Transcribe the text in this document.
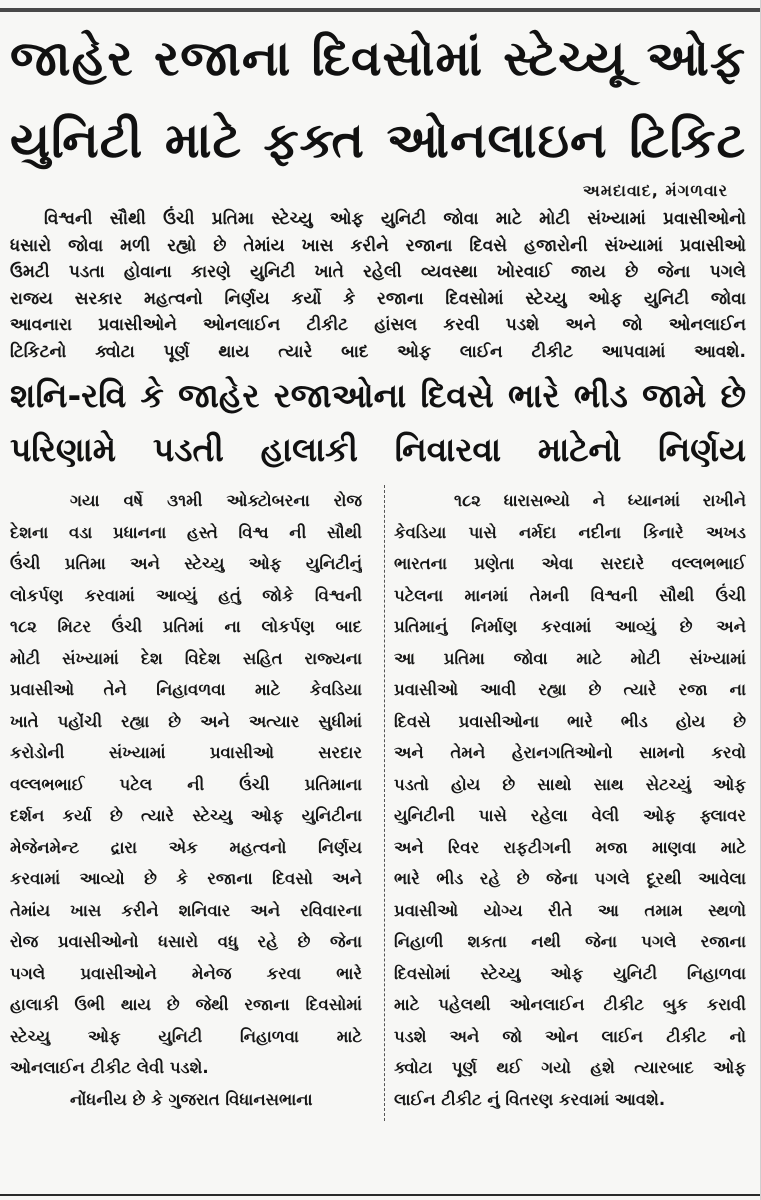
જાહેર રજાના દિવસોમાં સ્ટેચ્યૂ ઓફ
યુનિટી માટે ફક્ત ઓનલાઇન ટિકિટ
અમદાવાદ, મંગળવાર

વિશ્વની સૌથી ઉંચી પ્રતિમા સ્ટેચ્યુ ઓફ યુનિટી જોવા માટે મોટી સંખ્યામાં પ્રવાસીઓનો
ધસારો જોવા મળી રહ્યો છે તેમાંય ખાસ કરીને રજાના દિવસે હજારોની સંખ્યામાં પ્રવાસીઓ
ઉમટી પડતા હોવાના કારણે યુનિટી ખાતે રહેલી વ્યવસ્થા ખોરવાઈ જાય છે જેના પગલે
રાજય સરકાર મહત્વનો નિર્ણય કર્યો કે રજાના દિવસોમાં સ્ટેચ્યુ ઓફ યુનિટી જોવા
આવનારા પ્રવાસીઓને ઓનલાઈન ટીકીટ હાંસલ કરવી પડશે અને જો ઓનલાઈન
ટિકિટનો ક્વોટા પૂર્ણ થાય ત્યારે બાદ ઓફ લાઈન ટીકીટ આપવામાં આવશે.

શનિ-રવિ કે જાહેર રજાઓના દિવસે ભારે ભીડ જામે છે
પરિણામે પડતી હાલાકી નિવારવા માટેનો નિર્ણય
ગયા વર્ષે ૩૧મી ઓક્ટોબરના રોજ
દેશના વડા પ્રધાનના હસ્તે વિશ્વ ની સૌથી
ઉંચી પ્રતિમા અને સ્ટેચ્યુ ઓફ યુનિટીનું
લોકર્પણ કરવામાં આવ્યું હતું જોકે વિશ્વની
૧૮૨ મિટર ઉંચી પ્રતિમાં ના લોકર્પણ બાદ
મોટી સંખ્યામાં દેશ વિદેશ સહિત રાજ્યના
પ્રવાસીઓ તેને નિહાવળવા માટે કેવડિયા
ખાતે પહોંચી રહ્યા છે અને અત્યાર સુધીમાં
કરોડોની સંખ્યામાં પ્રવાસીઓ સરદાર
વલ્લભભાઈ પટેલ ની ઉંચી પ્રતિમાના
દર્શન કર્યા છે ત્યારે સ્ટેચ્યુ ઓફ યુનિટીના
મેજેનમેન્ટ દ્રારા એક મહત્વનો નિર્ણય
કરવામાં આવ્યો છે કે રજાના દિવસો અને
તેમાંય ખાસ કરીને શનિવાર અને રવિવારના
રોજ પ્રવાસીઓનો ધસારો વધુ રહે છે જેના
પગલે પ્રવાસીઓને મેનેજ કરવા ભારે
હાલાકી ઉભી થાય છે જેથી રજાના દિવસોમાં
સ્ટેચ્યુ ઓફ યુનિટી નિહાળવા માટે
ઓનલાઈન ટીકીટ લેવી પડશે.
નોંધનીય છે કે ગુજરાત વિધાનસભાના
૧૮૨ ધારાસભ્યો ને ધ્યાનમાં રાખીને
કેવડિયા પાસે નર્મદા નદીના કિનારે અખડ
ભારતના પ્રણેતા એવા સરદારે વલ્લભભાઈ
પટેલના માનમાં તેમની વિશ્વની સૌથી ઉંચી
પ્રતિમાનું નિર્માણ કરવામાં આવ્યું છે અને
આ પ્રતિમા જોવા માટે મોટી સંખ્યામાં
પ્રવાસીઓ આવી રહ્યા છે ત્યારે રજા ના
દિવસે પ્રવાસીઓના ભારે ભીડ હોય છે
અને તેમને હેરાનગતિઓનો સામનો કરવો
પડતો હોય છે સાથો સાથ સેટચ્યું ઓફ
યુનિટીની પાસે રહેલા વેલી ઓફ ફ્લાવર
અને રિવર રાફટીગની મજા માણવા માટે
ભારે ભીડ રહે છે જેના પગલે દૂરથી આવેલા
પ્રવાસીઓ યોગ્ય રીતે આ તમામ સ્થળો
નિહાળી શકતા નથી જેના પગલે રજાના
દિવસોમાં સ્ટેચ્યુ ઓફ યુનિટી નિહાળવા
માટે પહેલથી ઓનલાઈન ટીકીટ બુક કરાવી
પડશે અને જો ઓન લાઈન ટીકીટ નો
ક્વોટા પૂર્ણ થઈ ગયો હશે ત્યારબાદ ઓફ
લાઈન ટીકીટ નું વિતરણ કરવામાં આવશે.
